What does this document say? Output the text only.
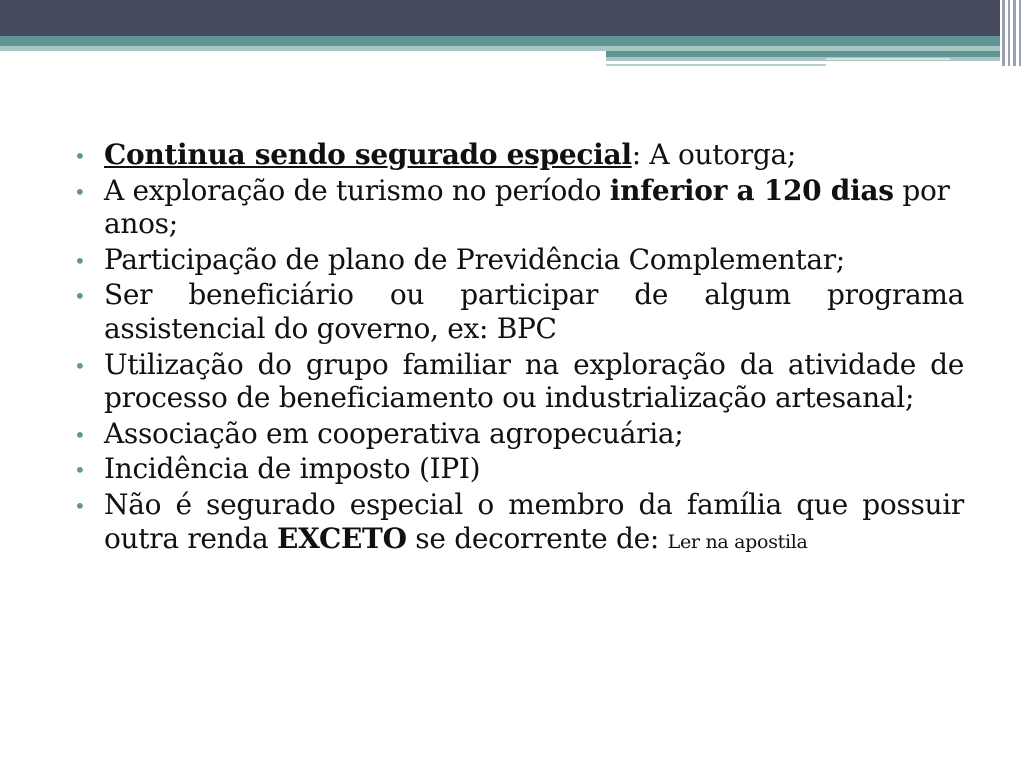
• Continua sendo segurado especial: A outorga;
• A exploração de turismo no período inferior a 120 dias por anos;
• Participação de plano de Previdência Complementar;
• Ser beneficiário ou participar de algum programa assistencial do governo, ex: BPC
• Utilização do grupo familiar na exploração da atividade de processo de beneficiamento ou industrialização artesanal;
• Associação em cooperativa agropecuária;
• Incidência de imposto (IPI)
• Não é segurado especial o membro da família que possuir outra renda EXCETO se decorrente de: Ler na apostila
